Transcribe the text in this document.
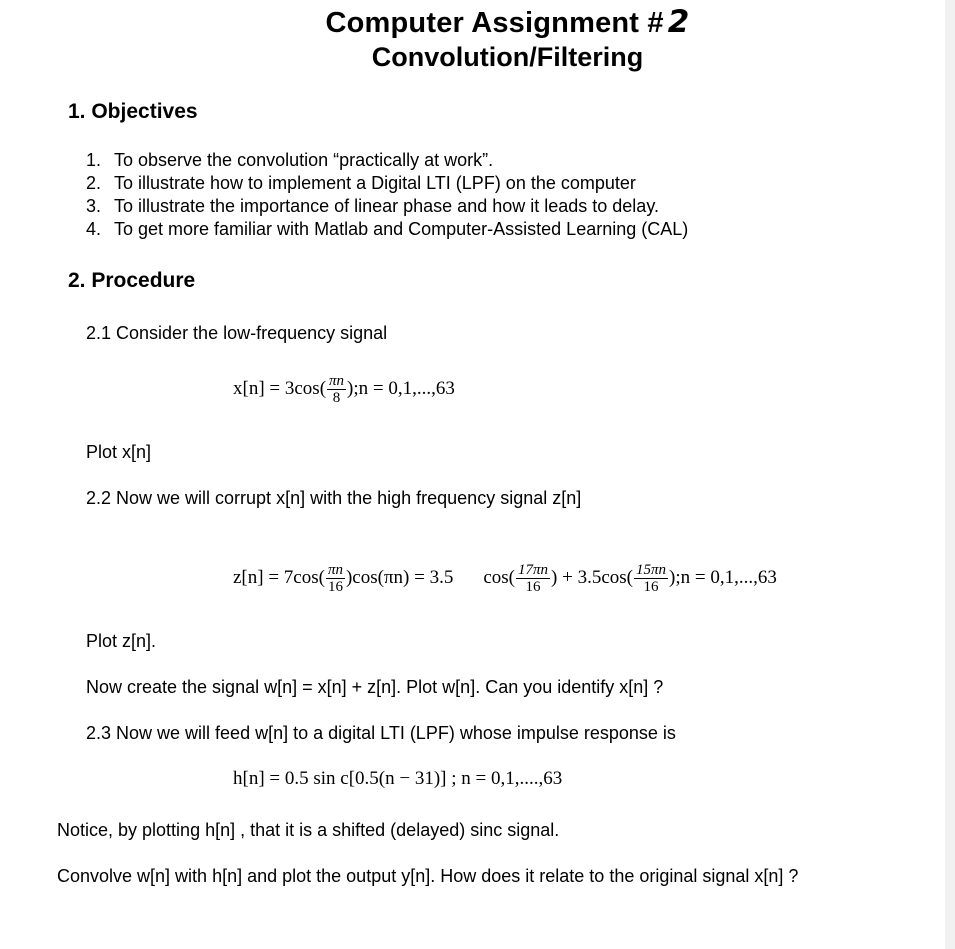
Computer Assignment # 2
Convolution/Filtering
1. Objectives
1. To observe the convolution “practically at work”.
2. To illustrate how to implement a Digital LTI (LPF) on the computer
3. To illustrate the importance of linear phase and how it leads to delay.
4. To get more familiar with Matlab and Computer-Assisted Learning (CAL)
2. Procedure
2.1 Consider the low-frequency signal
$x[n] = 3\cos( \frac{\pi n}{8}$ );n = 0,1,...,63
Plot x[n]
2.2 Now we will corrupt x[n] with the high frequency signal z[n]
$z[n] = 7\cos( \frac{\pi n}{16} )\cos(\pi n) = 3.5$ $\cos( \frac{17\pi n}{16}$ ) + $3.5\cos( \frac{15\pi n}{16}$ );n = 0,1,...,63
Plot z[n].
Now create the signal w[n] = x[n] + z[n]. Plot w[n]. Can you identify x[n] ?
2.3 Now we will feed w[n] to a digital LTI (LPF) whose impulse response is
h[n] = 0.5 sin c[0.5(n − 31)] ; n = 0,1,....,63
Notice, by plotting h[n] , that it is a shifted (delayed) sinc signal.
Convolve w[n] with h[n] and plot the output y[n]. How does it relate to the original signal x[n] ?
